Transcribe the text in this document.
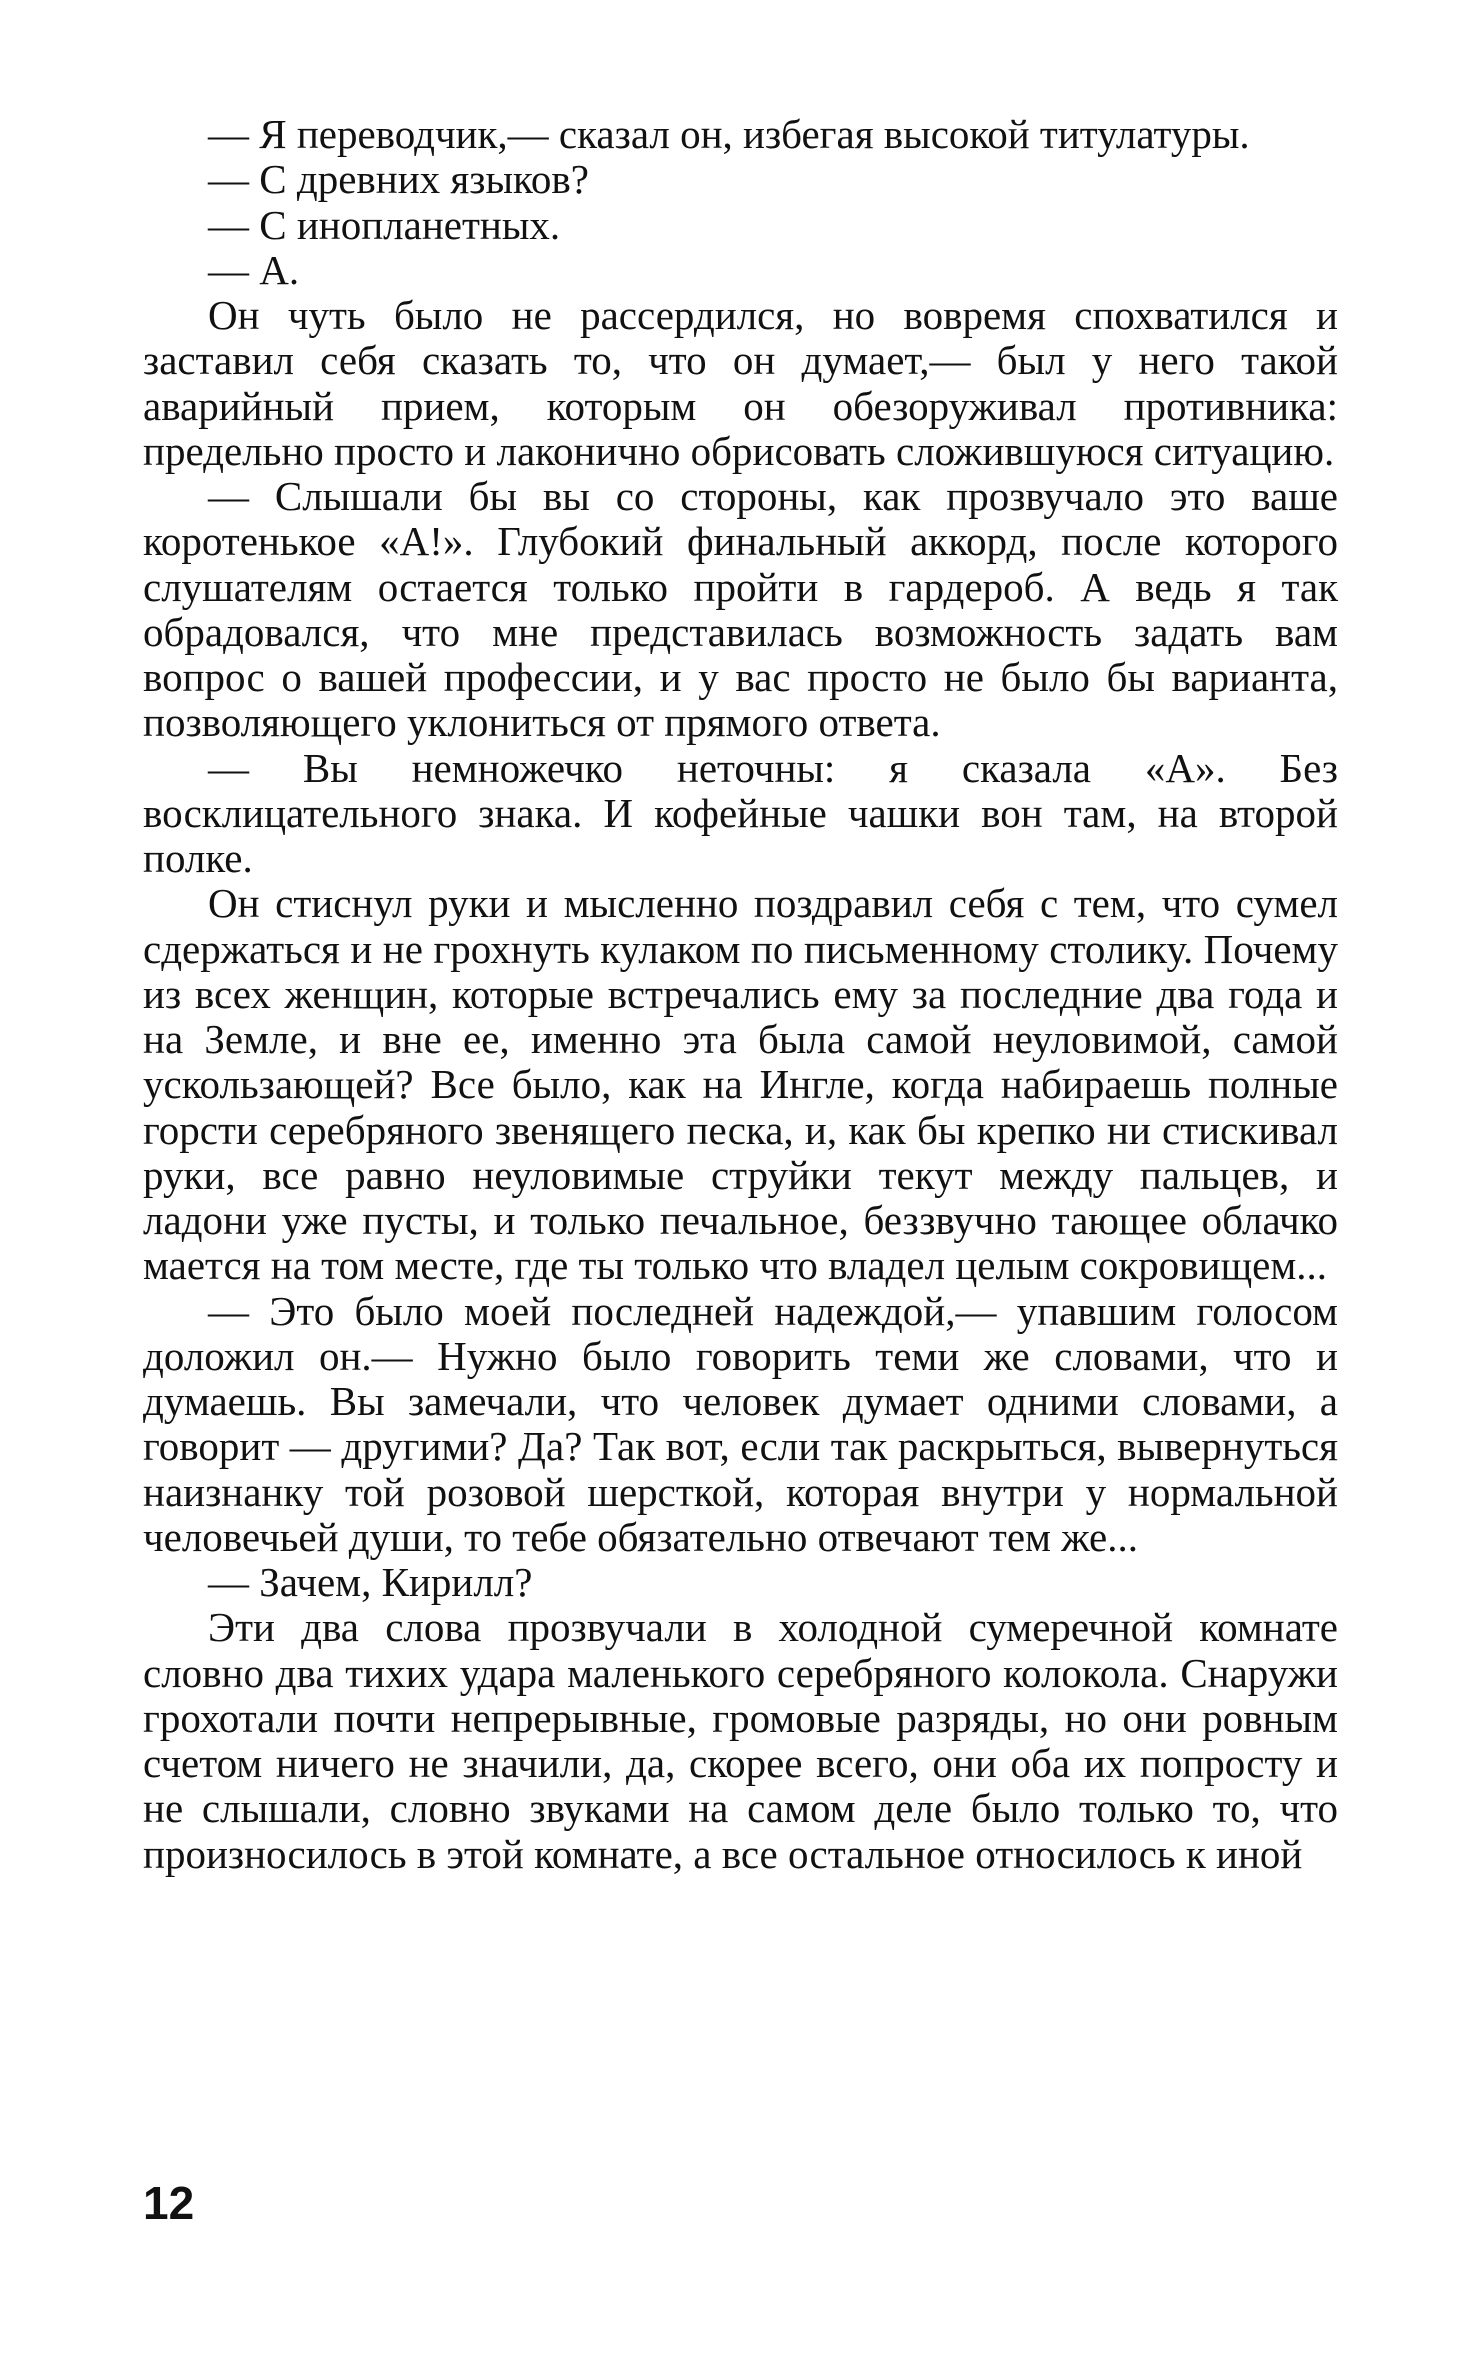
— Я переводчик,— сказал он, избегая высокой титулатуры.

— С древних языков?

— С инопланетных.

— А.

Он чуть было не рассердился, но вовремя спохватился и заставил себя сказать то, что он думает,— был у него такой аварийный прием, которым он обезоруживал противника: предельно просто и лаконично обрисовать сложившуюся ситуацию.

— Слышали бы вы со стороны, как прозвучало это ваше коротенькое «А!». Глубокий финальный аккорд, после которого слушателям остается только пройти в гардероб. А ведь я так обрадовался, что мне представилась возможность задать вам вопрос о вашей профессии, и у вас просто не было бы варианта, позволяющего уклониться от прямого ответа.

— Вы немножечко неточны: я сказала «А». Без восклицательного знака. И кофейные чашки вон там, на второй полке.

Он стиснул руки и мысленно поздравил себя с тем, что сумел сдержаться и не грохнуть кулаком по письменному столику. Почему из всех женщин, которые встречались ему за последние два года и на Земле, и вне ее, именно эта была самой неуловимой, самой ускользающей? Все было, как на Ингле, когда набираешь полные горсти серебряного звенящего песка, и, как бы крепко ни стискивал руки, все равно неуловимые струйки текут между пальцев, и ладони уже пусты, и только печальное, беззвучно тающее облачко мается на том месте, где ты только что владел целым сокровищем...

— Это было моей последней надеждой,— упавшим голосом доложил он.— Нужно было говорить теми же словами, что и думаешь. Вы замечали, что человек думает одними словами, а говорит — другими? Да? Так вот, если так раскрыться, вывернуться наизнанку той розовой шерсткой, которая внутри у нормальной человечьей души, то тебе обязательно отвечают тем же...

— Зачем, Кирилл?

Эти два слова прозвучали в холодной сумеречной комнате словно два тихих удара маленького серебряного колокола. Снаружи грохотали почти непрерывные, громовые разряды, но они ровным счетом ничего не значили, да, скорее всего, они оба их попросту и не слышали, словно звуками на самом деле было только то, что произносилось в этой комнате, а все остальное относилось к иной

12
